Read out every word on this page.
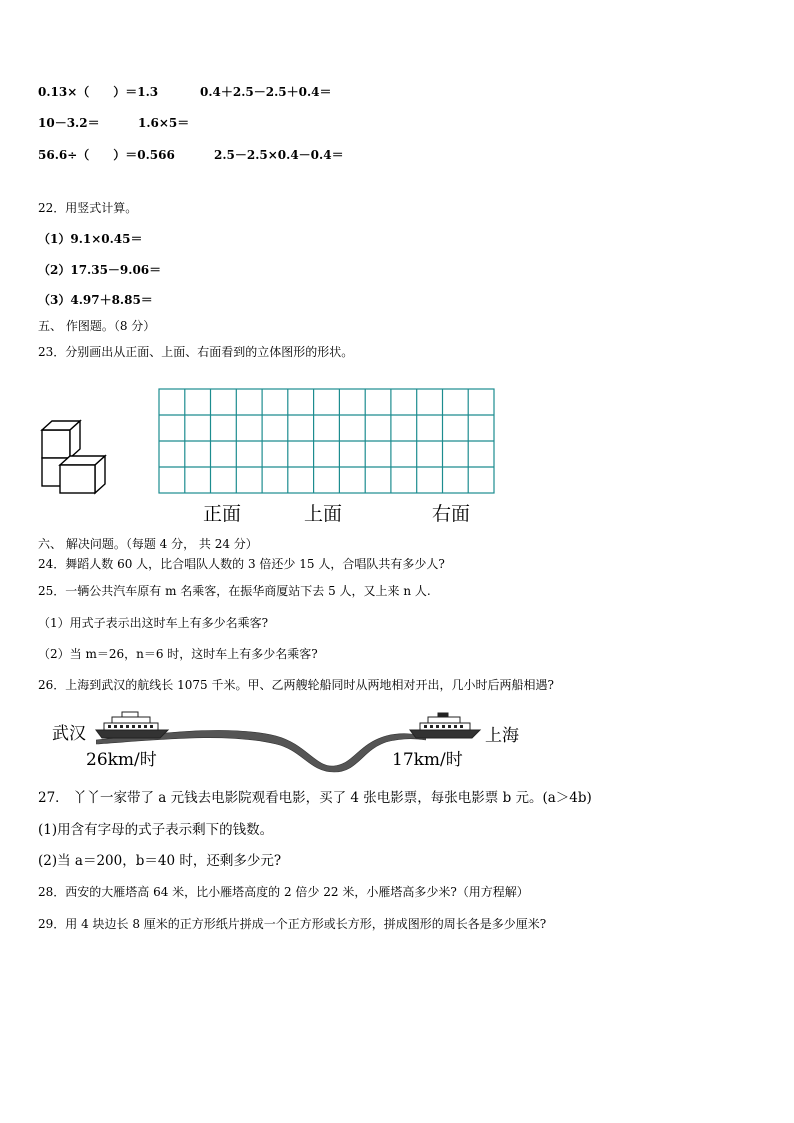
0.13×（　　）＝1.3	0.4＋2.5－2.5＋0.4＝
10－3.2＝	1.6×5＝
56.6÷（　　）＝0.566	2.5－2.5×0.4－0.4＝
22．用竖式计算。
（1）9.1×0.45＝
（2）17.35－9.06＝
（3）4.97＋8.85＝
五、 作图题。（8 分）
23．分别画出从正面、上面、右面看到的立体图形的形状。
正面	上面	右面
六、 解决问题。（每题 4 分， 共 24 分）
24．舞蹈人数 60 人，比合唱队人数的 3 倍还少 15 人，合唱队共有多少人?
25．一辆公共汽车原有 m 名乘客，在振华商厦站下去 5 人，又上来 n 人.
（1）用式子表示出这时车上有多少名乘客?
（2）当 m＝26，n＝6 时，这时车上有多少名乘客?
26．上海到武汉的航线长 1075 千米。甲、乙两艘轮船同时从两地相对开出，几小时后两船相遇?
武汉
26km/时
上海
17km/时
27． 丫丫一家带了 a 元钱去电影院观看电影，买了 4 张电影票，每张电影票 b 元。(a＞4b)
(1)用含有字母的式子表示剩下的钱数。
(2)当 a＝200，b＝40 时，还剩多少元?
28．西安的大雁塔高 64 米，比小雁塔高度的 2 倍少 22 米，小雁塔高多少米?（用方程解）
29．用 4 块边长 8 厘米的正方形纸片拼成一个正方形或长方形，拼成图形的周长各是多少厘米?
